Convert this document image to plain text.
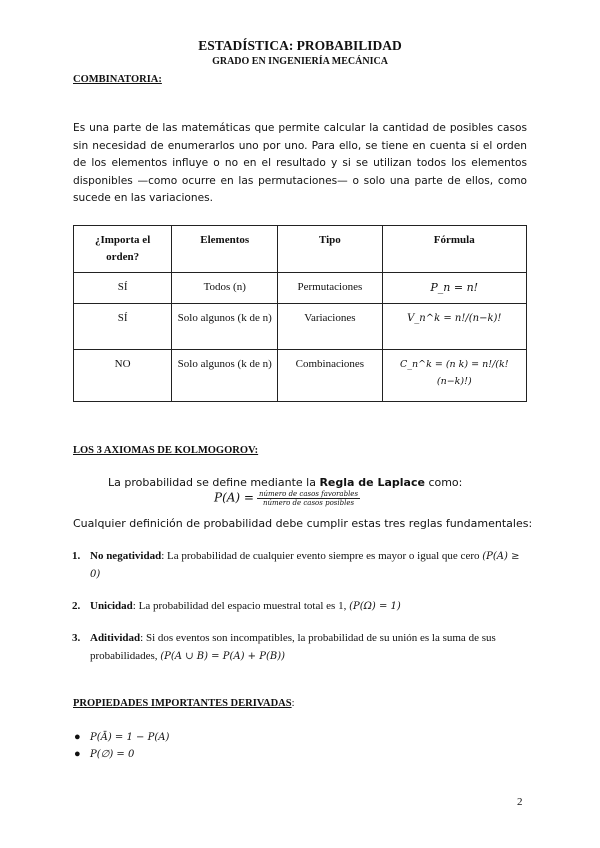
ESTADÍSTICA: PROBABILIDAD
GRADO EN INGENIERÍA MECÁNICA
COMBINATORIA:
Es una parte de las matemáticas que permite calcular la cantidad de posibles casos sin necesidad de enumerarlos uno por uno. Para ello, se tiene en cuenta si el orden de los elementos influye o no en el resultado y si se utilizan todos los elementos disponibles —como ocurre en las permutaciones— o solo una parte de ellos, como sucede en las variaciones.
¿Importa el orden?	Elementos	Tipo	Fórmula
SÍ	Todos (n)	Permutaciones	P_n = n!
SÍ	Solo algunos (k de n)	Variaciones	V_n^k = n!/(n−k)!
NO	Solo algunos (k de n)	Combinaciones	C_n^k = (n k) = n!/(k!(n−k)!)
LOS 3 AXIOMAS DE KOLMOGOROV:
La probabilidad se define mediante la Regla de Laplace como:
$P(A) = \frac{\text{número de casos favorables}}{\text{número de casos posibles}}$
Cualquier definición de probabilidad debe cumplir estas tres reglas fundamentales:
1. No negatividad: La probabilidad de cualquier evento siempre es mayor o igual que cero (P(A) ≥ 0)
2. Unicidad: La probabilidad del espacio muestral total es 1, (P(Ω) = 1)
3. Aditividad: Si dos eventos son incompatibles, la probabilidad de su unión es la suma de sus probabilidades, (P(A ∪ B) = P(A) + P(B))
PROPIEDADES IMPORTANTES DERIVADAS:
● P(Ā) = 1 − P(A)
● P(∅) = 0
2
